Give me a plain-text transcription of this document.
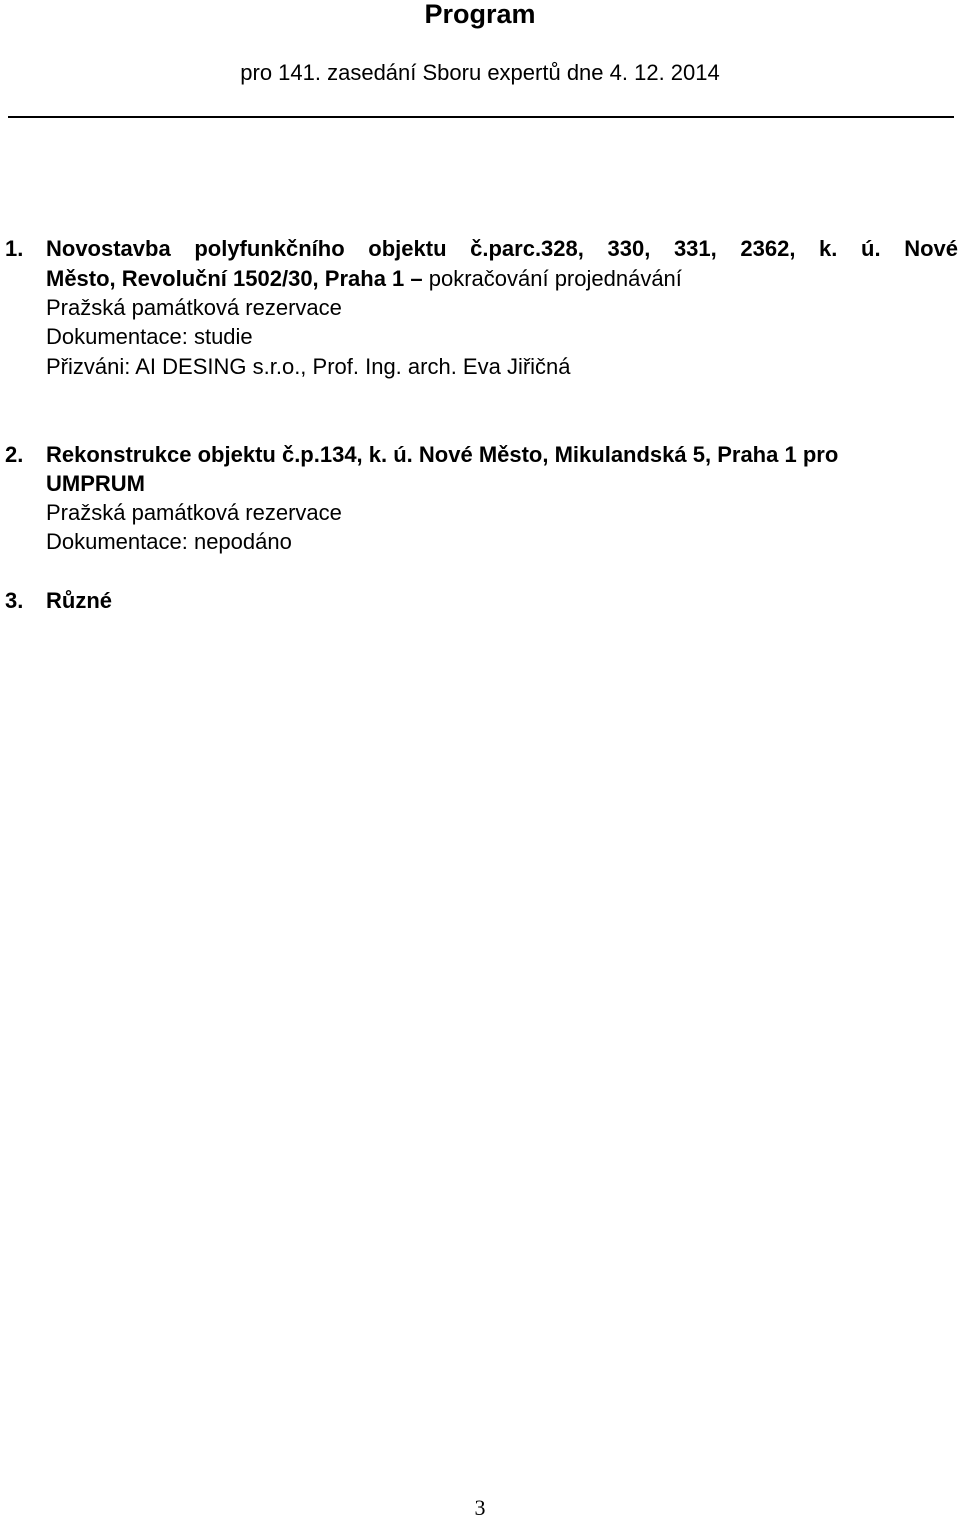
Program
pro 141. zasedání Sboru expertů dne 4. 12. 2014
1. Novostavba polyfunkčního objektu č.parc.328, 330, 331, 2362, k. ú. Nové
Město, Revoluční 1502/30, Praha 1 – pokračování projednávání
Pražská památková rezervace
Dokumentace: studie
Přizváni: AI DESING s.r.o., Prof. Ing. arch. Eva Jiřičná
2. Rekonstrukce objektu č.p.134, k. ú. Nové Město, Mikulandská 5, Praha 1 pro
UMPRUM
Pražská památková rezervace
Dokumentace: nepodáno
3. Různé
3
